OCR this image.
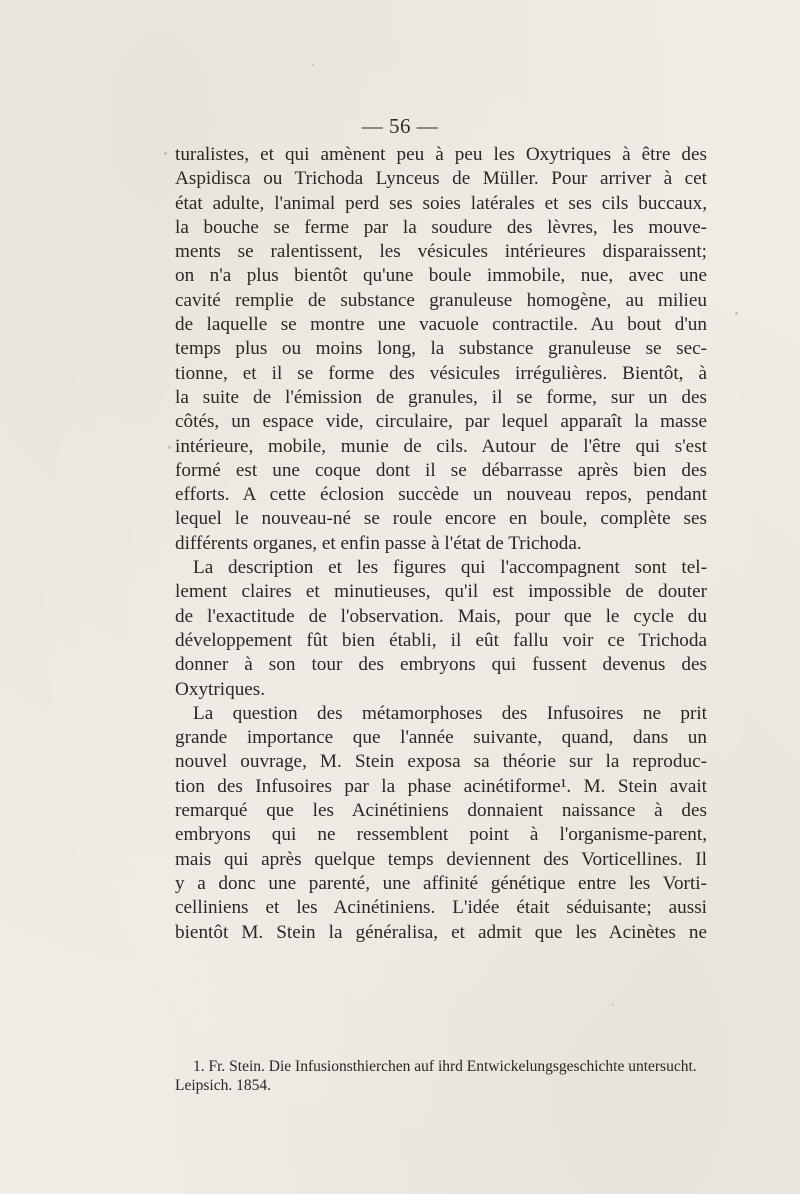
— 56 —
turalistes, et qui amènent peu à peu les Oxytriques à être des
Aspidisca ou Trichoda Lynceus de Müller. Pour arriver à cet
état adulte, l'animal perd ses soies latérales et ses cils buccaux,
la bouche se ferme par la soudure des lèvres, les mouve-
ments se ralentissent, les vésicules intérieures disparaissent;
on n'a plus bientôt qu'une boule immobile, nue, avec une
cavité remplie de substance granuleuse homogène, au milieu
de laquelle se montre une vacuole contractile. Au bout d'un
temps plus ou moins long, la substance granuleuse se sec-
tionne, et il se forme des vésicules irrégulières. Bientôt, à
la suite de l'émission de granules, il se forme, sur un des
côtés, un espace vide, circulaire, par lequel apparaît la masse
intérieure, mobile, munie de cils. Autour de l'être qui s'est
formé est une coque dont il se débarrasse après bien des
efforts. A cette éclosion succède un nouveau repos, pendant
lequel le nouveau-né se roule encore en boule, complète ses
différents organes, et enfin passe à l'état de Trichoda.
La description et les figures qui l'accompagnent sont tel-
lement claires et minutieuses, qu'il est impossible de douter
de l'exactitude de l'observation. Mais, pour que le cycle du
développement fût bien établi, il eût fallu voir ce Trichoda
donner à son tour des embryons qui fussent devenus des
Oxytriques.
La question des métamorphoses des Infusoires ne prit
grande importance que l'année suivante, quand, dans un
nouvel ouvrage, M. Stein exposa sa théorie sur la reproduc-
tion des Infusoires par la phase acinétiforme¹. M. Stein avait
remarqué que les Acinétiniens donnaient naissance à des
embryons qui ne ressemblent point à l'organisme-parent,
mais qui après quelque temps deviennent des Vorticellines. Il
y a donc une parenté, une affinité génétique entre les Vorti-
celliniens et les Acinétiniens. L'idée était séduisante; aussi
bientôt M. Stein la généralisa, et admit que les Acinètes ne
1. Fr. Stein. Die Infusionsthierchen auf ihrd Entwickelungsgeschichte untersucht.
Leipsich. 1854.
